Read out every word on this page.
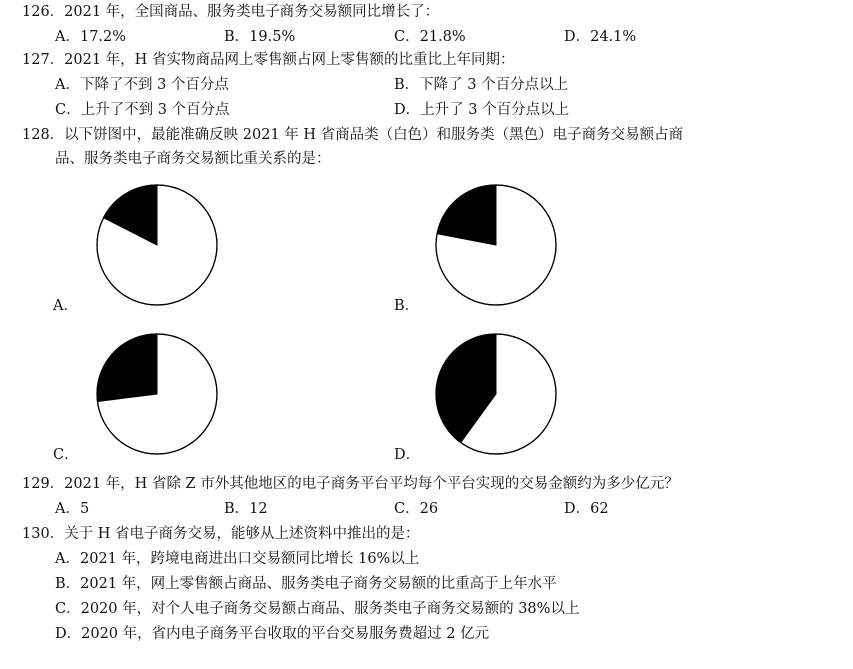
126．2021 年，全国商品、服务类电子商务交易额同比增长了：
A．17.2%	B．19.5%	C．21.8%	D．24.1%
127．2021 年，H 省实物商品网上零售额占网上零售额的比重比上年同期：
A．下降了不到 3 个百分点	B．下降了 3 个百分点以上
C．上升了不到 3 个百分点	D．上升了 3 个百分点以上
128．以下饼图中，最能准确反映 2021 年 H 省商品类（白色）和服务类（黑色）电子商务交易额占商
品、服务类电子商务交易额比重关系的是：
A．	B．
C．	D．
129．2021 年，H 省除 Z 市外其他地区的电子商务平台平均每个平台实现的交易金额约为多少亿元？
A．5	B．12	C．26	D．62
130．关于 H 省电子商务交易，能够从上述资料中推出的是：
A．2021 年，跨境电商进出口交易额同比增长 16%以上
B．2021 年，网上零售额占商品、服务类电子商务交易额的比重高于上年水平
C．2020 年，对个人电子商务交易额占商品、服务类电子商务交易额的 38%以上
D．2020 年，省内电子商务平台收取的平台交易服务费超过 2 亿元
